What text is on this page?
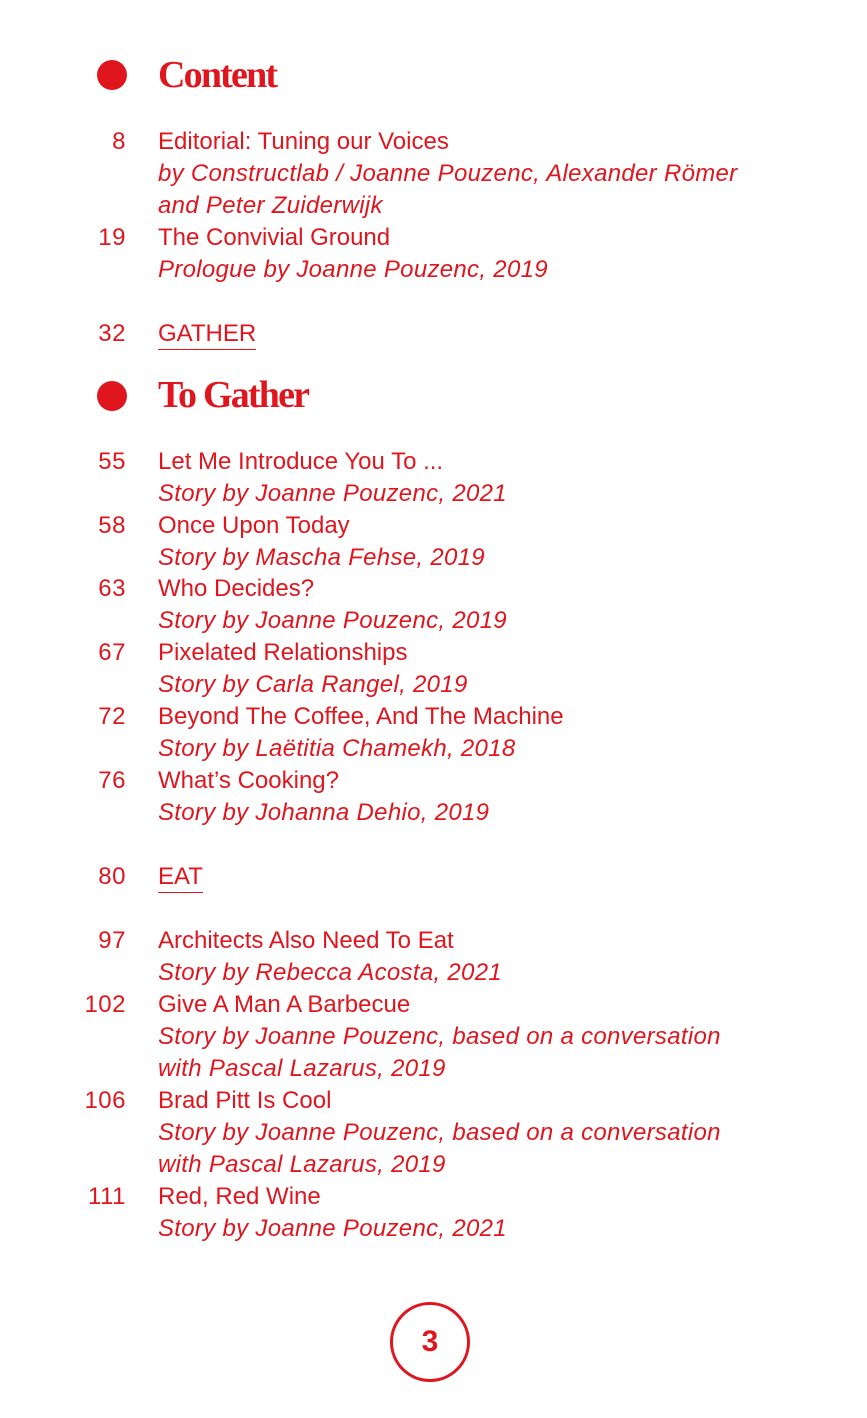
Content
8 Editorial: Tuning our Voices
by Constructlab / Joanne Pouzenc, Alexander Römer
and Peter Zuiderwijk
19 The Convivial Ground
Prologue by Joanne Pouzenc, 2019
32 GATHER
To Gather
55 Let Me Introduce You To ...
Story by Joanne Pouzenc, 2021
58 Once Upon Today
Story by Mascha Fehse, 2019
63 Who Decides?
Story by Joanne Pouzenc, 2019
67 Pixelated Relationships
Story by Carla Rangel, 2019
72 Beyond The Coffee, And The Machine
Story by Laëtitia Chamekh, 2018
76 What’s Cooking?
Story by Johanna Dehio, 2019
80 EAT
97 Architects Also Need To Eat
Story by Rebecca Acosta, 2021
102 Give A Man A Barbecue
Story by Joanne Pouzenc, based on a conversation
with Pascal Lazarus, 2019
106 Brad Pitt Is Cool
Story by Joanne Pouzenc, based on a conversation
with Pascal Lazarus, 2019
111 Red, Red Wine
Story by Joanne Pouzenc, 2021
3
